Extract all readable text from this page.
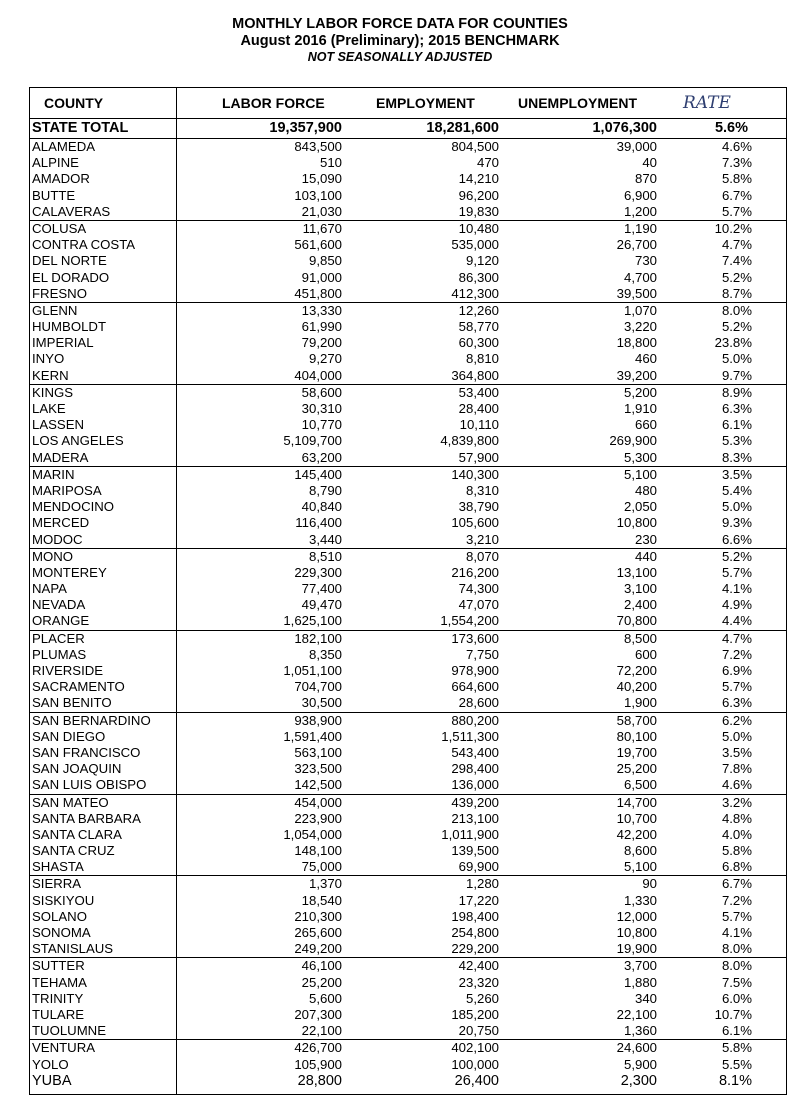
MONTHLY LABOR FORCE DATA FOR COUNTIES
August 2016 (Preliminary); 2015 BENCHMARK
NOT SEASONALLY ADJUSTED
COUNTY	LABOR FORCE	EMPLOYMENT	UNEMPLOYMENT	RATE
STATE TOTAL	19,357,900	18,281,600	1,076,300	5.6%
ALAMEDA	843,500	804,500	39,000	4.6%
ALPINE	510	470	40	7.3%
AMADOR	15,090	14,210	870	5.8%
BUTTE	103,100	96,200	6,900	6.7%
CALAVERAS	21,030	19,830	1,200	5.7%
COLUSA	11,670	10,480	1,190	10.2%
CONTRA COSTA	561,600	535,000	26,700	4.7%
DEL NORTE	9,850	9,120	730	7.4%
EL DORADO	91,000	86,300	4,700	5.2%
FRESNO	451,800	412,300	39,500	8.7%
GLENN	13,330	12,260	1,070	8.0%
HUMBOLDT	61,990	58,770	3,220	5.2%
IMPERIAL	79,200	60,300	18,800	23.8%
INYO	9,270	8,810	460	5.0%
KERN	404,000	364,800	39,200	9.7%
KINGS	58,600	53,400	5,200	8.9%
LAKE	30,310	28,400	1,910	6.3%
LASSEN	10,770	10,110	660	6.1%
LOS ANGELES	5,109,700	4,839,800	269,900	5.3%
MADERA	63,200	57,900	5,300	8.3%
MARIN	145,400	140,300	5,100	3.5%
MARIPOSA	8,790	8,310	480	5.4%
MENDOCINO	40,840	38,790	2,050	5.0%
MERCED	116,400	105,600	10,800	9.3%
MODOC	3,440	3,210	230	6.6%
MONO	8,510	8,070	440	5.2%
MONTEREY	229,300	216,200	13,100	5.7%
NAPA	77,400	74,300	3,100	4.1%
NEVADA	49,470	47,070	2,400	4.9%
ORANGE	1,625,100	1,554,200	70,800	4.4%
PLACER	182,100	173,600	8,500	4.7%
PLUMAS	8,350	7,750	600	7.2%
RIVERSIDE	1,051,100	978,900	72,200	6.9%
SACRAMENTO	704,700	664,600	40,200	5.7%
SAN BENITO	30,500	28,600	1,900	6.3%
SAN BERNARDINO	938,900	880,200	58,700	6.2%
SAN DIEGO	1,591,400	1,511,300	80,100	5.0%
SAN FRANCISCO	563,100	543,400	19,700	3.5%
SAN JOAQUIN	323,500	298,400	25,200	7.8%
SAN LUIS OBISPO	142,500	136,000	6,500	4.6%
SAN MATEO	454,000	439,200	14,700	3.2%
SANTA BARBARA	223,900	213,100	10,700	4.8%
SANTA CLARA	1,054,000	1,011,900	42,200	4.0%
SANTA CRUZ	148,100	139,500	8,600	5.8%
SHASTA	75,000	69,900	5,100	6.8%
SIERRA	1,370	1,280	90	6.7%
SISKIYOU	18,540	17,220	1,330	7.2%
SOLANO	210,300	198,400	12,000	5.7%
SONOMA	265,600	254,800	10,800	4.1%
STANISLAUS	249,200	229,200	19,900	8.0%
SUTTER	46,100	42,400	3,700	8.0%
TEHAMA	25,200	23,320	1,880	7.5%
TRINITY	5,600	5,260	340	6.0%
TULARE	207,300	185,200	22,100	10.7%
TUOLUMNE	22,100	20,750	1,360	6.1%
VENTURA	426,700	402,100	24,600	5.8%
YOLO	105,900	100,000	5,900	5.5%
YUBA	28,800	26,400	2,300	8.1%
